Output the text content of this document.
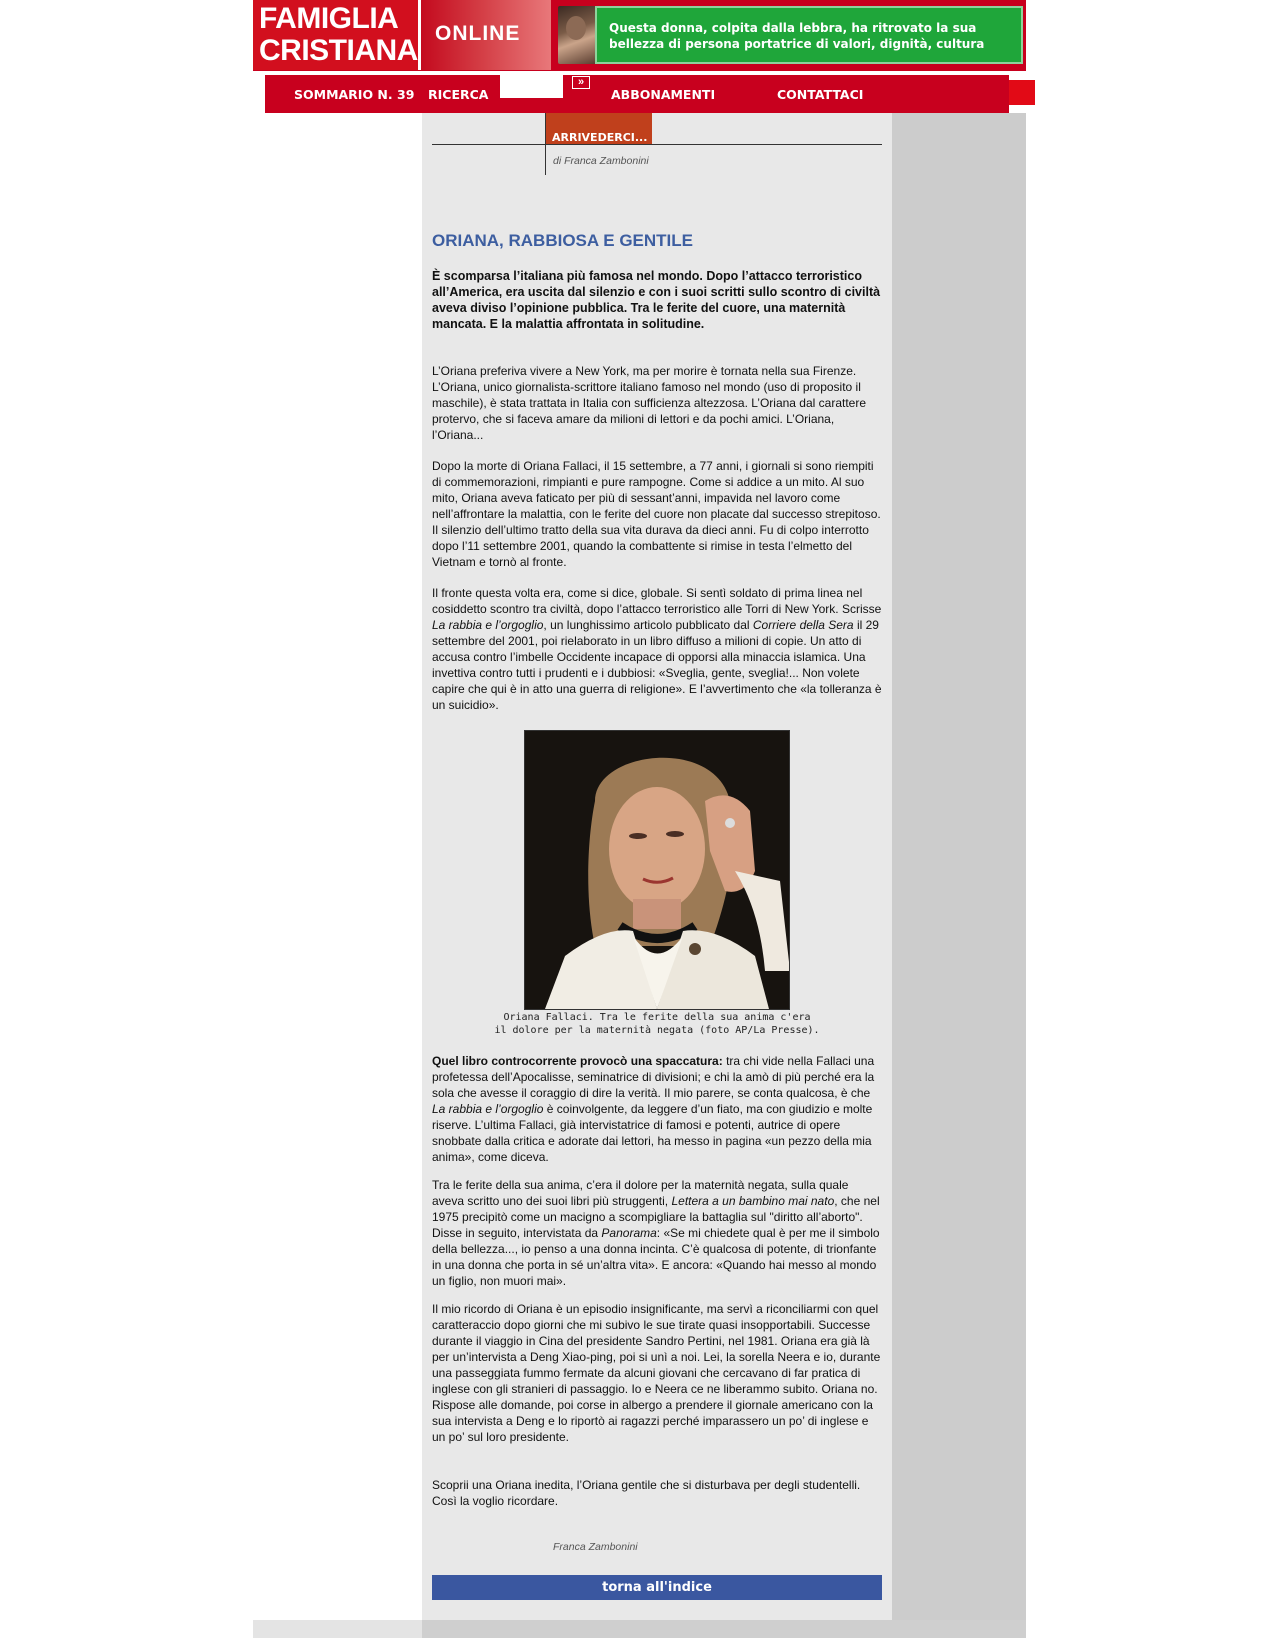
FAMIGLIA
CRISTIANA
ONLINE	Questa donna, colpita dalla lebbra, ha ritrovato la sua bellezza di persona portatrice di valori, dignità, cultura
SOMMARIO N. 39 RICERCA
»
ABBONAMENTI	CONTATTACI
ARRIVEDERCI...
di Franca Zambonini
ORIANA, RABBIOSA E GENTILE
È scomparsa l’italiana più famosa nel mondo. Dopo l’attacco terroristico all’America, era uscita dal silenzio e con i suoi scritti sullo scontro di civiltà aveva diviso l’opinione pubblica. Tra le ferite del cuore, una maternità mancata. E la malattia affrontata in solitudine.

L’Oriana preferiva vivere a New York, ma per morire è tornata nella sua Firenze. L’Oriana, unico giornalista-scrittore italiano famoso nel mondo (uso di proposito il maschile), è stata trattata in Italia con sufficienza altezzosa. L’Oriana dal carattere protervo, che si faceva amare da milioni di lettori e da pochi amici. L’Oriana, l’Oriana...

Dopo la morte di Oriana Fallaci, il 15 settembre, a 77 anni, i giornali si sono riempiti di commemorazioni, rimpianti e pure rampogne. Come si addice a un mito. Al suo mito, Oriana aveva faticato per più di sessant’anni, impavida nel lavoro come nell’affrontare la malattia, con le ferite del cuore non placate dal successo strepitoso. Il silenzio dell’ultimo tratto della sua vita durava da dieci anni. Fu di colpo interrotto dopo l’11 settembre 2001, quando la combattente si rimise in testa l’elmetto del Vietnam e tornò al fronte.

Il fronte questa volta era, come si dice, globale. Si sentì soldato di prima linea nel cosiddetto scontro tra civiltà, dopo l’attacco terroristico alle Torri di New York. Scrisse La rabbia e l’orgoglio, un lunghissimo articolo pubblicato dal Corriere della Sera il 29 settembre del 2001, poi rielaborato in un libro diffuso a milioni di copie. Un atto di accusa contro l’imbelle Occidente incapace di opporsi alla minaccia islamica. Una invettiva contro tutti i prudenti e i dubbiosi: «Sveglia, gente, sveglia!... Non volete capire che qui è in atto una guerra di religione». E l’avvertimento che «la tolleranza è un suicidio».

Oriana Fallaci. Tra le ferite della sua anima c'era
il dolore per la maternità negata (foto AP/La Presse).

Quel libro controcorrente provocò una spaccatura: tra chi vide nella Fallaci una profetessa dell’Apocalisse, seminatrice di divisioni; e chi la amò di più perché era la sola che avesse il coraggio di dire la verità. Il mio parere, se conta qualcosa, è che La rabbia e l’orgoglio è coinvolgente, da leggere d’un fiato, ma con giudizio e molte riserve. L’ultima Fallaci, già intervistatrice di famosi e potenti, autrice di opere snobbate dalla critica e adorate dai lettori, ha messo in pagina «un pezzo della mia anima», come diceva.

Tra le ferite della sua anima, c’era il dolore per la maternità negata, sulla quale aveva scritto uno dei suoi libri più struggenti, Lettera a un bambino mai nato, che nel 1975 precipitò come un macigno a scompigliare la battaglia sul "diritto all’aborto". Disse in seguito, intervistata da Panorama: «Se mi chiedete qual è per me il simbolo della bellezza..., io penso a una donna incinta. C’è qualcosa di potente, di trionfante in una donna che porta in sé un’altra vita». E ancora: «Quando hai messo al mondo un figlio, non muori mai».

Il mio ricordo di Oriana è un episodio insignificante, ma servì a riconciliarmi con quel caratteraccio dopo giorni che mi subivo le sue tirate quasi insopportabili. Successe durante il viaggio in Cina del presidente Sandro Pertini, nel 1981. Oriana era già là per un’intervista a Deng Xiao-ping, poi si unì a noi. Lei, la sorella Neera e io, durante una passeggiata fummo fermate da alcuni giovani che cercavano di far pratica di inglese con gli stranieri di passaggio. Io e Neera ce ne liberammo subito. Oriana no. Rispose alle domande, poi corse in albergo a prendere il giornale americano con la sua intervista a Deng e lo riportò ai ragazzi perché imparassero un po’ di inglese e un po’ sul loro presidente.

Scoprii una Oriana inedita, l’Oriana gentile che si disturbava per degli studentelli. Così la voglio ricordare.

Franca Zambonini
torna all'indice
